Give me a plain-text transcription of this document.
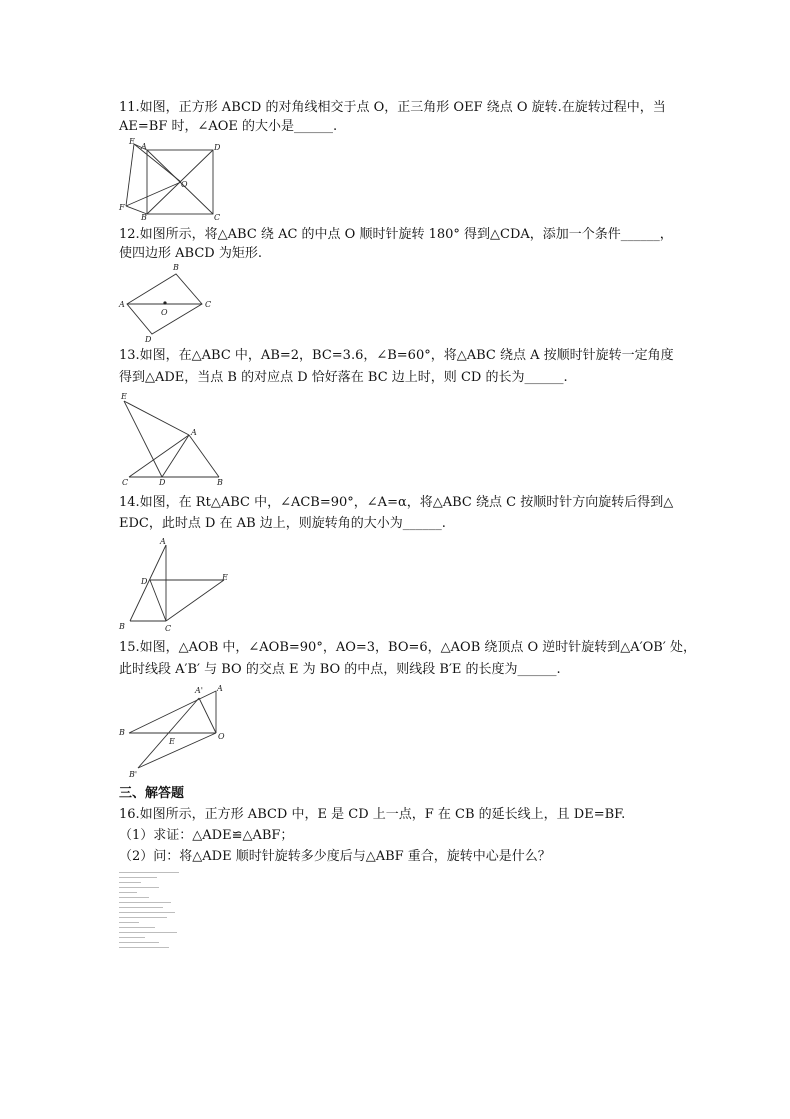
11.如图，正方形 ABCD 的对角线相交于点 O，正三角形 OEF 绕点 O 旋转.在旋转过程中，当
AE=BF 时，∠AOE 的大小是______.
E
A	D
O
F
B	C
12.如图所示，将△ABC 绕 AC 的中点 O 顺时针旋转 180° 得到△CDA，添加一个条件______，
使四边形 ABCD 为矩形.
A
B
C
D
O
13.如图，在△ABC 中，AB=2，BC=3.6，∠B=60°，将△ABC 绕点 A 按顺时针旋转一定角度
得到△ADE，当点 B 的对应点 D 恰好落在 BC 边上时，则 CD 的长为______.
E
A
C	D	B
14.如图，在 Rt△ABC 中，∠ACB=90°，∠A=α，将△ABC 绕点 C 按顺时针方向旋转后得到△
EDC，此时点 D 在 AB 边上，则旋转角的大小为______.
A
D	E
B	C
15.如图，△AOB 中，∠AOB=90°，AO=3，BO=6，△AOB 绕顶点 O 逆时针旋转到△A′OB′ 处，
此时线段 A′B′ 与 BO 的交点 E 为 BO 的中点，则线段 B′E 的长度为______.
A' A
B
E
O
B'
三、解答题
16.如图所示，正方形 ABCD 中，E 是 CD 上一点，F 在 CB 的延长线上，且 DE=BF.
（1）求证：△ADE≌△ABF；
（2）问：将△ADE 顺时针旋转多少度后与△ABF 重合，旋转中心是什么？
